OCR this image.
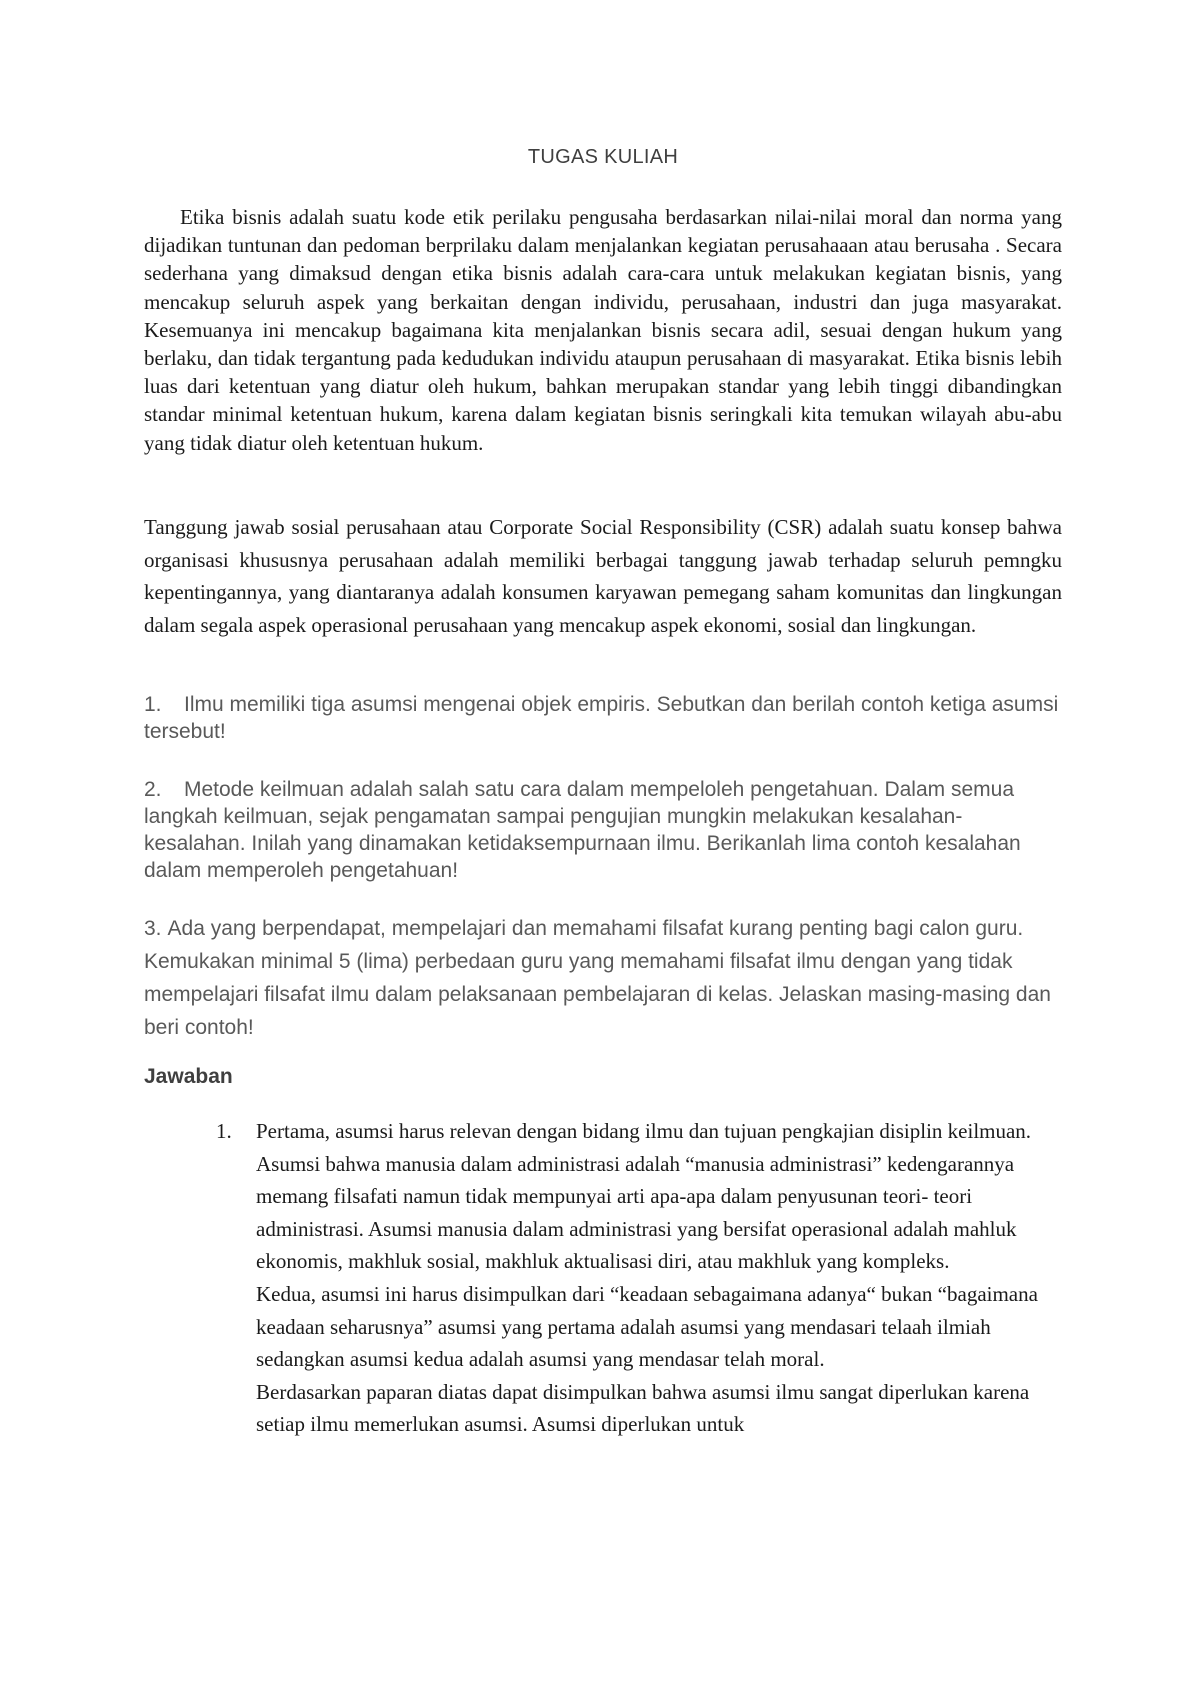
TUGAS KULIAH

Etika bisnis adalah suatu kode etik perilaku pengusaha berdasarkan nilai-nilai moral dan norma yang dijadikan tuntunan dan pedoman berprilaku dalam menjalankan kegiatan perusahaaan atau berusaha . Secara sederhana yang dimaksud dengan etika bisnis adalah cara-cara untuk melakukan kegiatan bisnis, yang mencakup seluruh aspek yang berkaitan dengan individu, perusahaan, industri dan juga masyarakat. Kesemuanya ini mencakup bagaimana kita menjalankan bisnis secara adil, sesuai dengan hukum yang berlaku, dan tidak tergantung pada kedudukan individu ataupun perusahaan di masyarakat. Etika bisnis lebih luas dari ketentuan yang diatur oleh hukum, bahkan merupakan standar yang lebih tinggi dibandingkan standar minimal ketentuan hukum, karena dalam kegiatan bisnis seringkali kita temukan wilayah abu-abu yang tidak diatur oleh ketentuan hukum.

Tanggung jawab sosial perusahaan atau Corporate Social Responsibility (CSR) adalah suatu konsep bahwa organisasi khususnya perusahaan adalah memiliki berbagai tanggung jawab terhadap seluruh pemngku kepentingannya, yang diantaranya adalah konsumen karyawan pemegang saham komunitas dan lingkungan dalam segala aspek operasional perusahaan yang mencakup aspek ekonomi, sosial dan lingkungan.

1. Ilmu memiliki tiga asumsi mengenai objek empiris. Sebutkan dan berilah contoh ketiga asumsi tersebut!

2. Metode keilmuan adalah salah satu cara dalam mempeloleh pengetahuan. Dalam semua langkah keilmuan, sejak pengamatan sampai pengujian mungkin melakukan kesalahan-kesalahan. Inilah yang dinamakan ketidaksempurnaan ilmu. Berikanlah lima contoh kesalahan dalam memperoleh pengetahuan!

3. Ada yang berpendapat, mempelajari dan memahami filsafat kurang penting bagi calon guru. Kemukakan minimal 5 (lima) perbedaan guru yang memahami filsafat ilmu dengan yang tidak mempelajari filsafat ilmu dalam pelaksanaan pembelajaran di kelas. Jelaskan masing-masing dan beri contoh!

Jawaban
1. Pertama, asumsi harus relevan dengan bidang ilmu dan tujuan pengkajian disiplin keilmuan. Asumsi bahwa manusia dalam administrasi adalah “manusia administrasi” kedengarannya memang filsafati namun tidak mempunyai arti apa-apa dalam penyusunan teori- teori administrasi. Asumsi manusia dalam administrasi yang bersifat operasional adalah mahluk ekonomis, makhluk sosial, makhluk aktualisasi diri, atau makhluk yang kompleks.
Kedua, asumsi ini harus disimpulkan dari “keadaan sebagaimana adanya“ bukan “bagaimana keadaan seharusnya” asumsi yang pertama adalah asumsi yang mendasari telaah ilmiah sedangkan asumsi kedua adalah asumsi yang mendasar telah moral.
Berdasarkan paparan diatas dapat disimpulkan bahwa asumsi ilmu sangat diperlukan karena setiap ilmu memerlukan asumsi. Asumsi diperlukan untuk
